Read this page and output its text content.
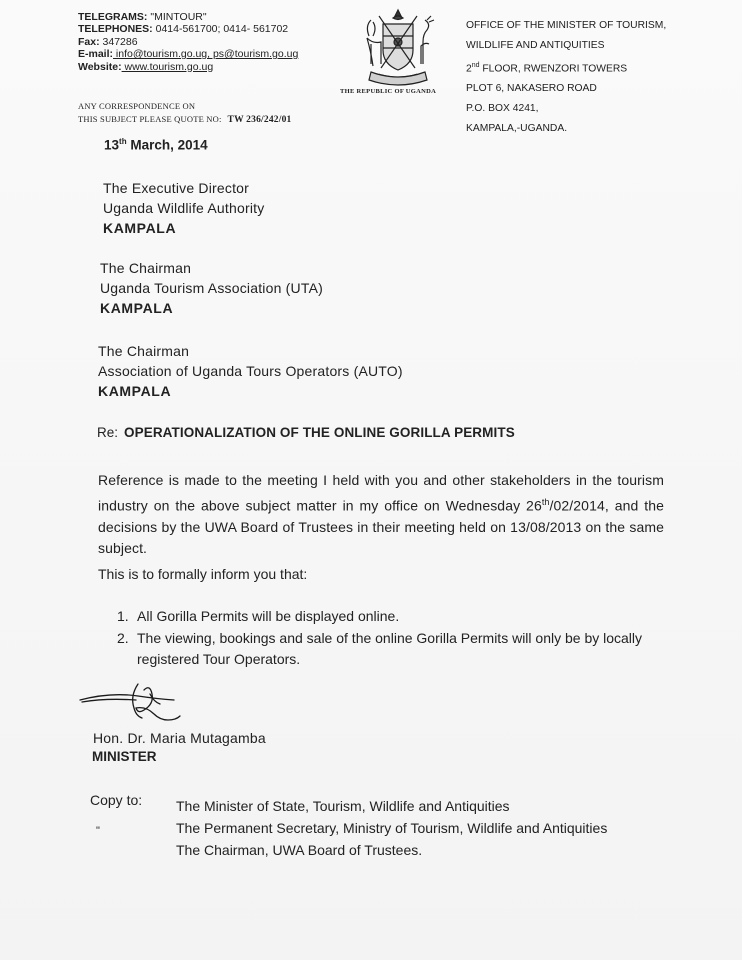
TELEGRAMS: "MINTOUR"
TELEPHONES: 0414-561700; 0414- 561702
Fax: 347286
E-mail: info@tourism.go.ug, ps@tourism.go.ug
Website: www.tourism.go.ug
ANY CORRESPONDENCE ON
THIS SUBJECT PLEASE QUOTE NO: TW 236/242/01
THE REPUBLIC OF UGANDA
OFFICE OF THE MINISTER OF TOURISM,
WILDLIFE AND ANTIQUITIES
2nd FLOOR, RWENZORI TOWERS
PLOT 6, NAKASERO ROAD
P.O. BOX 4241,
KAMPALA,-UGANDA.
13th March, 2014
The Executive Director
Uganda Wildlife Authority
KAMPALA
The Chairman
Uganda Tourism Association (UTA)
KAMPALA
The Chairman
Association of Uganda Tours Operators (AUTO)
KAMPALA
Re: OPERATIONALIZATION OF THE ONLINE GORILLA PERMITS
Reference is made to the meeting I held with you and other stakeholders in the tourism industry on the above subject matter in my office on Wednesday 26th/02/2014, and the decisions by the UWA Board of Trustees in their meeting held on 13/08/2013 on the same subject.
This is to formally inform you that:
1. All Gorilla Permits will be displayed online.
2. The viewing, bookings and sale of the online Gorilla Permits will only be by locally registered Tour Operators.
Hon. Dr. Maria Mutagamba
MINISTER
Copy to: The Minister of State, Tourism, Wildlife and Antiquities
The Permanent Secretary, Ministry of Tourism, Wildlife and Antiquities
The Chairman, UWA Board of Trustees.
"
